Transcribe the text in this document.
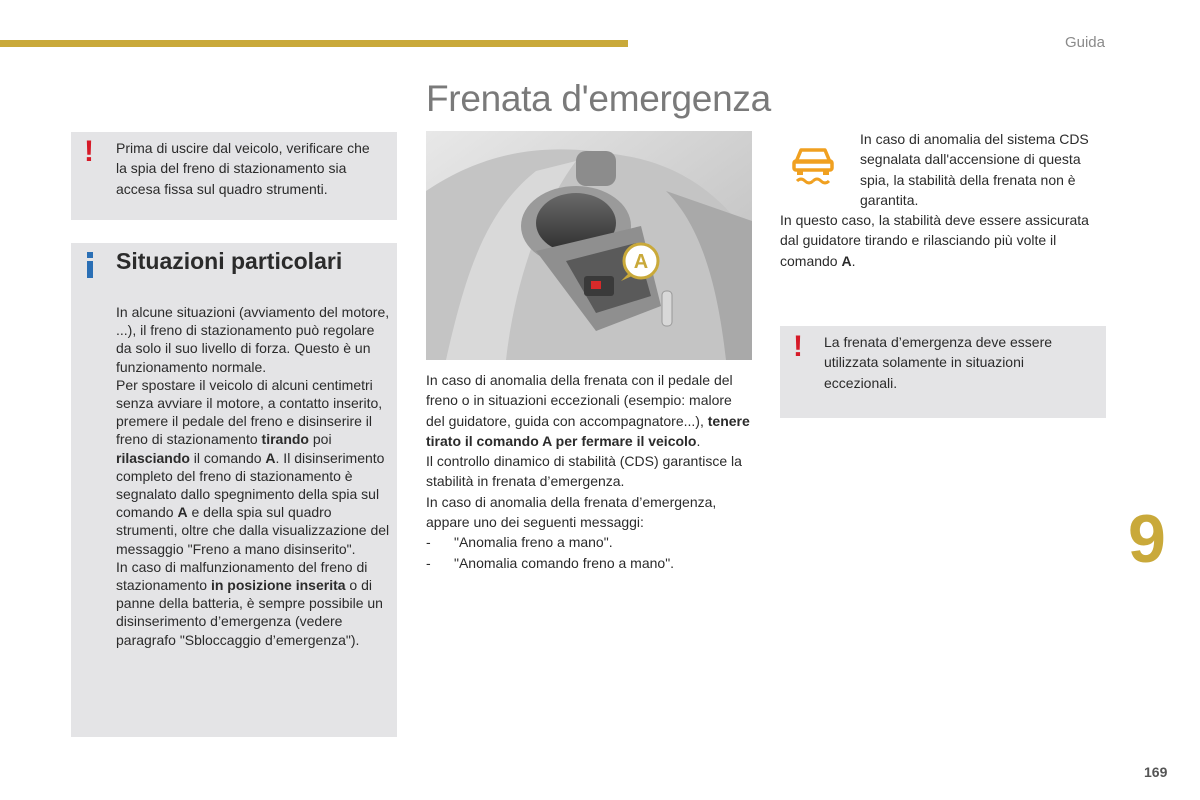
Guida
Frenata d'emergenza
! Prima di uscire dal veicolo, verificare che la spia del freno di stazionamento sia accesa fissa sul quadro strumenti.

Situazioni particolari
In alcune situazioni (avviamento del motore, ...), il freno di stazionamento può regolare da solo il suo livello di forza. Questo è un funzionamento normale.
Per spostare il veicolo di alcuni centimetri senza avviare il motore, a contatto inserito, premere il pedale del freno e disinserire il freno di stazionamento tirando poi rilasciando il comando A. Il disinserimento completo del freno di stazionamento è segnalato dallo spegnimento della spia sul comando A e della spia sul quadro strumenti, oltre che dalla visualizzazione del messaggio "Freno a mano disinserito".
In caso di malfunzionamento del freno di stazionamento in posizione inserita o di panne della batteria, è sempre possibile un disinserimento d’emergenza (vedere paragrafo "Sbloccaggio d’emergenza").
A
In caso di anomalia della frenata con il pedale del freno o in situazioni eccezionali (esempio: malore del guidatore, guida con accompagnatore...), tenere tirato il comando A per fermare il veicolo.
Il controllo dinamico di stabilità (CDS) garantisce la stabilità in frenata d’emergenza.
In caso di anomalia della frenata d’emergenza, appare uno dei seguenti messaggi:
- "Anomalia freno a mano".
- "Anomalia comando freno a mano".

In caso di anomalia del sistema CDS segnalata dall'accensione di questa spia, la stabilità della frenata non è garantita.

In questo caso, la stabilità deve essere assicurata dal guidatore tirando e rilasciando più volte il comando A.

! La frenata d’emergenza deve essere utilizzata solamente in situazioni eccezionali.

9
169
